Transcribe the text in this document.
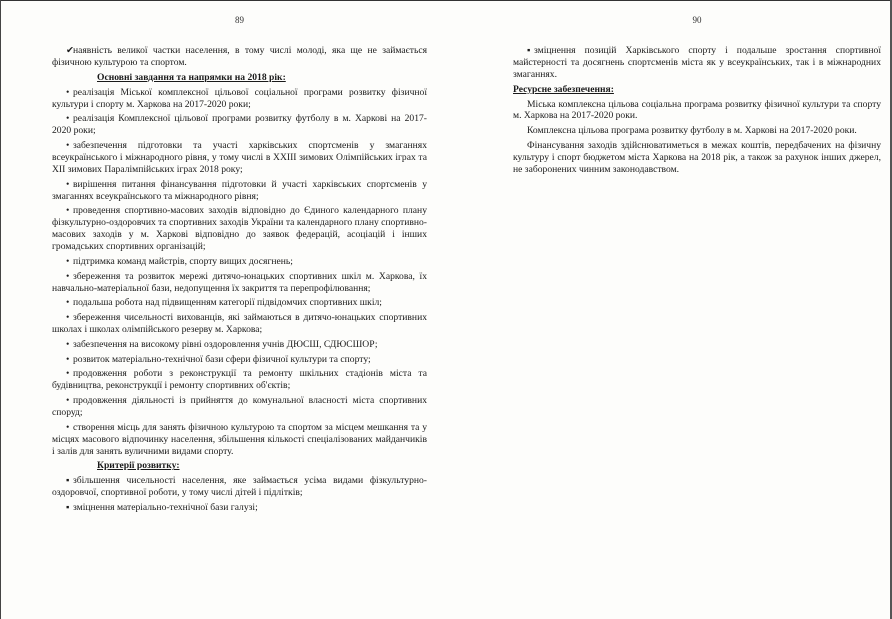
89

✔наявність великої частки населення, в тому числі молоді, яка ще не займається фізичною культурою та спортом.

Основні завдання та напрямки на 2018 рік:

• реалізація Міської комплексної цільової соціальної програми розвитку фізичної культури і спорту м. Харкова на 2017-2020 роки;

• реалізація Комплексної цільової програми розвитку футболу в м. Харкові на 2017-2020 роки;

• забезпечення підготовки та участі харківських спортсменів у змаганнях всеукраїнського і міжнародного рівня, у тому числі в XXIII зимових Олімпійських іграх та XII зимових Паралімпійських іграх 2018 року;

• вирішення питання фінансування підготовки й участі харківських спортсменів у змаганнях всеукраїнського та міжнародного рівня;

• проведення спортивно-масових заходів відповідно до Єдиного календарного плану фізкультурно-оздоровчих та спортивних заходів України та календарного плану спортивно-масових заходів у м. Харкові відповідно до заявок федерацій, асоціацій і інших громадських спортивних організацій;

• підтримка команд майстрів, спорту вищих досягнень;

• збереження та розвиток мережі дитячо-юнацьких спортивних шкіл м. Харкова, їх навчально-матеріальної бази, недопущення їх закриття та перепрофілювання;

• подальша робота над підвищенням категорії підвідомчих спортивних шкіл;

• збереження чисельності вихованців, які займаються в дитячо-юнацьких спортивних школах і школах олімпійського резерву м. Харкова;

• забезпечення на високому рівні оздоровлення учнів ДЮСШ, СДЮСШОР;

• розвиток матеріально-технічної бази сфери фізичної культури та спорту;

• продовження роботи з реконструкції та ремонту шкільних стадіонів міста та будівництва, реконструкції і ремонту спортивних об'єктів;

• продовження діяльності із прийняття до комунальної власності міста спортивних споруд;

• створення місць для занять фізичною культурою та спортом за місцем мешкання та у місцях масового відпочинку населення, збільшення кількості спеціалізованих майданчиків і залів для занять вуличними видами спорту.

Критерії розвитку:

▪ збільшення чисельності населення, яке займається усіма видами фізкультурно-оздоровчої, спортивної роботи, у тому числі дітей і підлітків;

▪ зміцнення матеріально-технічної бази галузі;

90

▪ зміцнення позицій Харківського спорту і подальше зростання спортивної майстерності та досягнень спортсменів міста як у всеукраїнських, так і в міжнародних змаганнях.

Ресурсне забезпечення:

Міська комплексна цільова соціальна програма розвитку фізичної культури та спорту м. Харкова на 2017-2020 роки.

Комплексна цільова програма розвитку футболу в м. Харкові на 2017-2020 роки.

Фінансування заходів здійснюватиметься в межах коштів, передбачених на фізичну культуру і спорт бюджетом міста Харкова на 2018 рік, а також за рахунок інших джерел, не заборонених чинним законодавством.
